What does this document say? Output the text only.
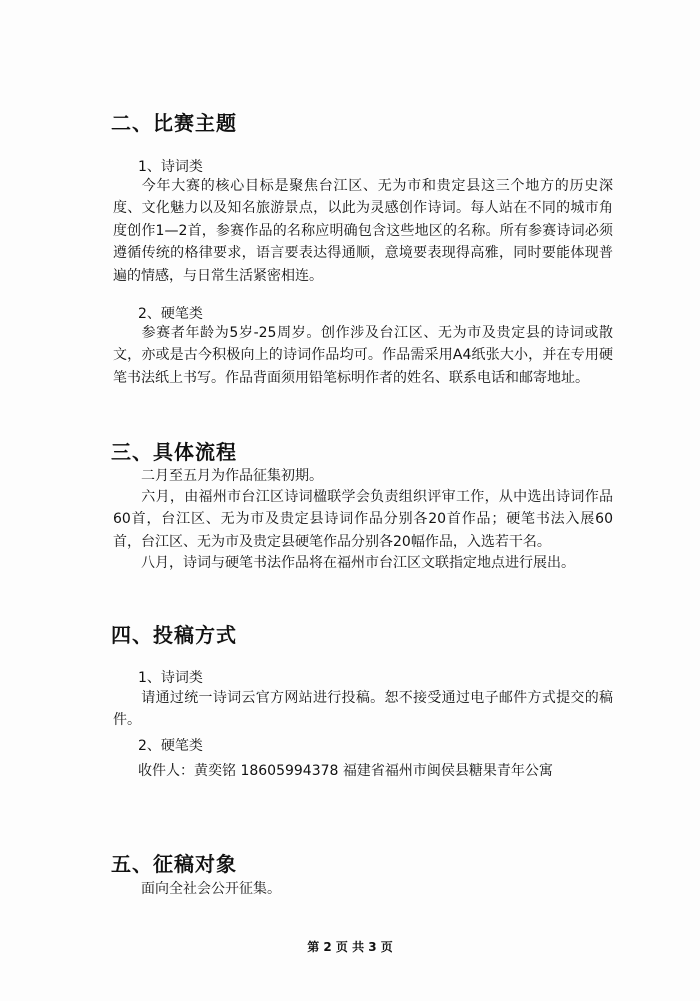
二、比赛主题
1、诗词类
今年大赛的核心目标是聚焦台江区、无为市和贵定县这三个地方的历史深度、文化魅力以及知名旅游景点，以此为灵感创作诗词。每人站在不同的城市角度创作1—2首，参赛作品的名称应明确包含这些地区的名称。所有参赛诗词必须遵循传统的格律要求，语言要表达得通顺，意境要表现得高雅，同时要能体现普遍的情感，与日常生活紧密相连。
2、硬笔类
参赛者年龄为5岁-25周岁。创作涉及台江区、无为市及贵定县的诗词或散文，亦或是古今积极向上的诗词作品均可。作品需采用A4纸张大小，并在专用硬笔书法纸上书写。作品背面须用铅笔标明作者的姓名、联系电话和邮寄地址。
三、具体流程
二月至五月为作品征集初期。
六月，由福州市台江区诗词楹联学会负责组织评审工作，从中选出诗词作品60首，台江区、无为市及贵定县诗词作品分别各20首作品；硬笔书法入展60首，台江区、无为市及贵定县硬笔作品分别各20幅作品，入选若干名。
八月，诗词与硬笔书法作品将在福州市台江区文联指定地点进行展出。
四、投稿方式
1、诗词类
请通过统一诗词云官方网站进行投稿。恕不接受通过电子邮件方式提交的稿件。
2、硬笔类
收件人：黄奕铭 18605994378 福建省福州市闽侯县糖果青年公寓
五、征稿对象
面向全社会公开征集。
第 2 页 共 3 页
